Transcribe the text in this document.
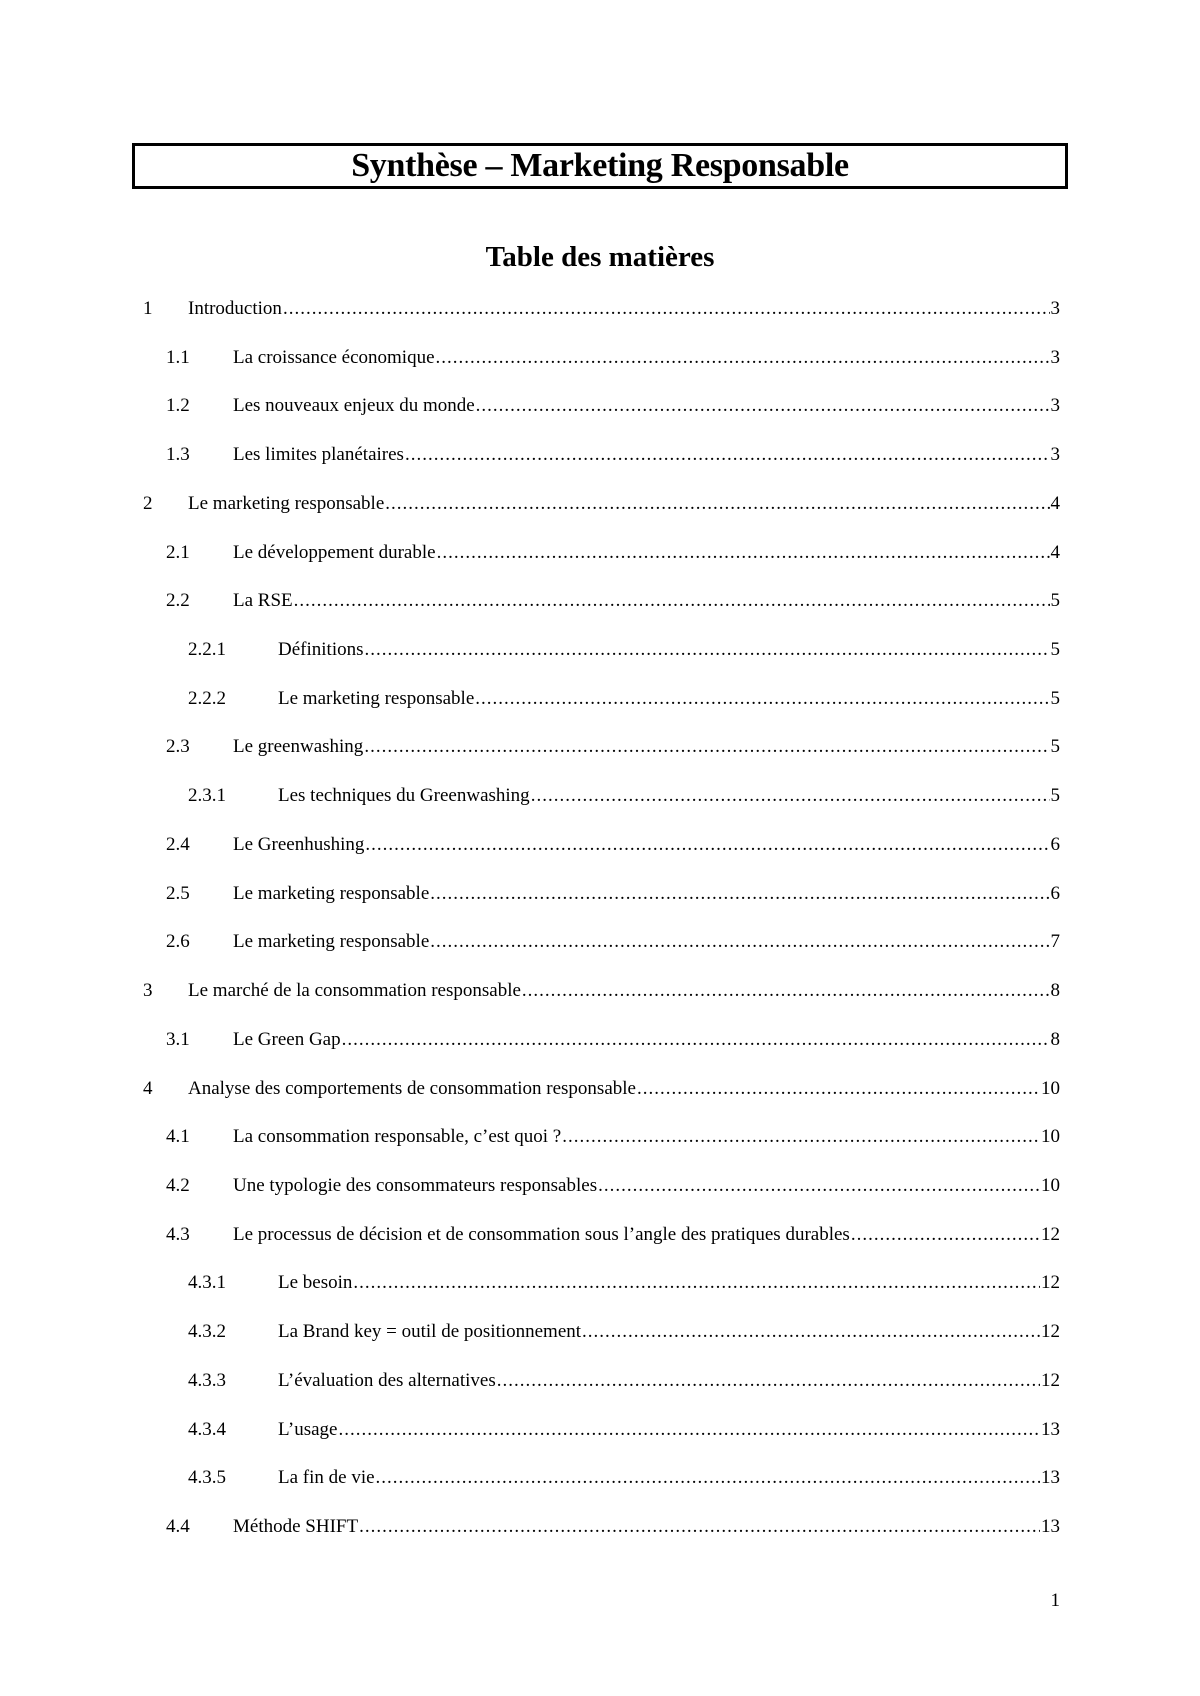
Synthèse – Marketing Responsable
Table des matières
1	Introduction .....	3
1.1	La croissance économique .....	3
1.2	Les nouveaux enjeux du monde .....	3
1.3	Les limites planétaires .....	3
2	Le marketing responsable .....	4
2.1	Le développement durable .....	4
2.2	La RSE .....	5
2.2.1	Définitions .....	5
2.2.2	Le marketing responsable .....	5
2.3	Le greenwashing .....	5
2.3.1	Les techniques du Greenwashing .....	5
2.4	Le Greenhushing .....	6
2.5	Le marketing responsable .....	6
2.6	Le marketing responsable .....	7
3	Le marché de la consommation responsable .....	8
3.1	Le Green Gap .....	8
4	Analyse des comportements de consommation responsable .....	10
4.1	La consommation responsable, c’est quoi ? .....	10
4.2	Une typologie des consommateurs responsables .....	10
4.3	Le processus de décision et de consommation sous l’angle des pratiques durables .....	12
4.3.1	Le besoin .....	12
4.3.2	La Brand key = outil de positionnement .....	12
4.3.3	L’évaluation des alternatives .....	12
4.3.4	L’usage .....	13
4.3.5	La fin de vie .....	13
4.4	Méthode SHIFT .....	13
1
